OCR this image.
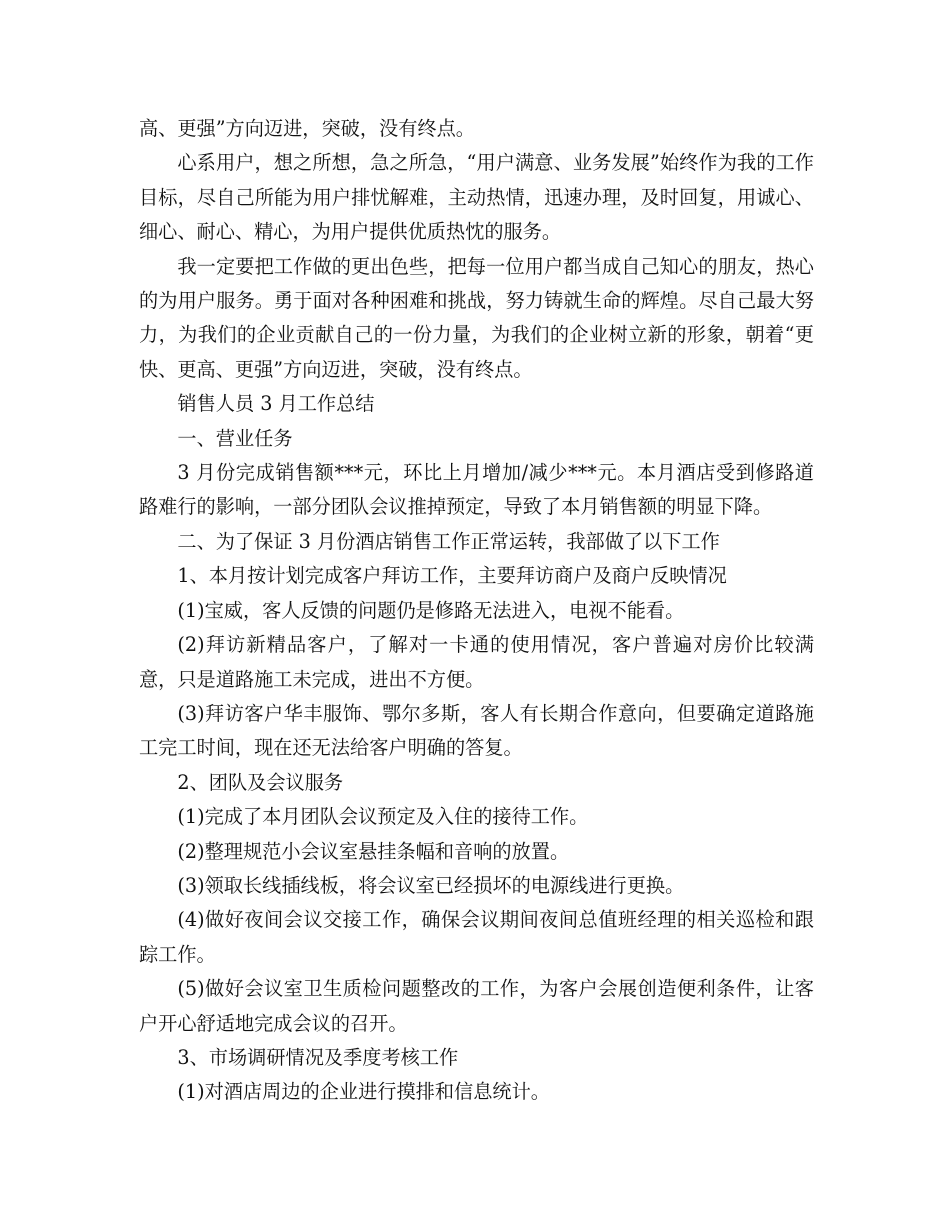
高、更强”方向迈进，突破，没有终点。

心系用户，想之所想，急之所急，“用户满意、业务发展”始终作为我的工作目标，尽自己所能为用户排忧解难，主动热情，迅速办理，及时回复，用诚心、细心、耐心、精心，为用户提供优质热忱的服务。

我一定要把工作做的更出色些，把每一位用户都当成自己知心的朋友，热心的为用户服务。勇于面对各种困难和挑战，努力铸就生命的辉煌。尽自己最大努力，为我们的企业贡献自己的一份力量，为我们的企业树立新的形象，朝着“更快、更高、更强”方向迈进，突破，没有终点。

销售人员 3 月工作总结

一、营业任务

3 月份完成销售额***元，环比上月增加/减少***元。本月酒店受到修路道路难行的影响，一部分团队会议推掉预定，导致了本月销售额的明显下降。

二、为了保证 3 月份酒店销售工作正常运转，我部做了以下工作

1、本月按计划完成客户拜访工作，主要拜访商户及商户反映情况

(1)宝威，客人反馈的问题仍是修路无法进入，电视不能看。

(2)拜访新精品客户，了解对一卡通的使用情况，客户普遍对房价比较满意，只是道路施工未完成，进出不方便。

(3)拜访客户华丰服饰、鄂尔多斯，客人有长期合作意向，但要确定道路施工完工时间，现在还无法给客户明确的答复。

2、团队及会议服务

(1)完成了本月团队会议预定及入住的接待工作。

(2)整理规范小会议室悬挂条幅和音响的放置。

(3)领取长线插线板，将会议室已经损坏的电源线进行更换。

(4)做好夜间会议交接工作，确保会议期间夜间总值班经理的相关巡检和跟踪工作。

(5)做好会议室卫生质检问题整改的工作，为客户会展创造便利条件，让客户开心舒适地完成会议的召开。

3、市场调研情况及季度考核工作

(1)对酒店周边的企业进行摸排和信息统计。
